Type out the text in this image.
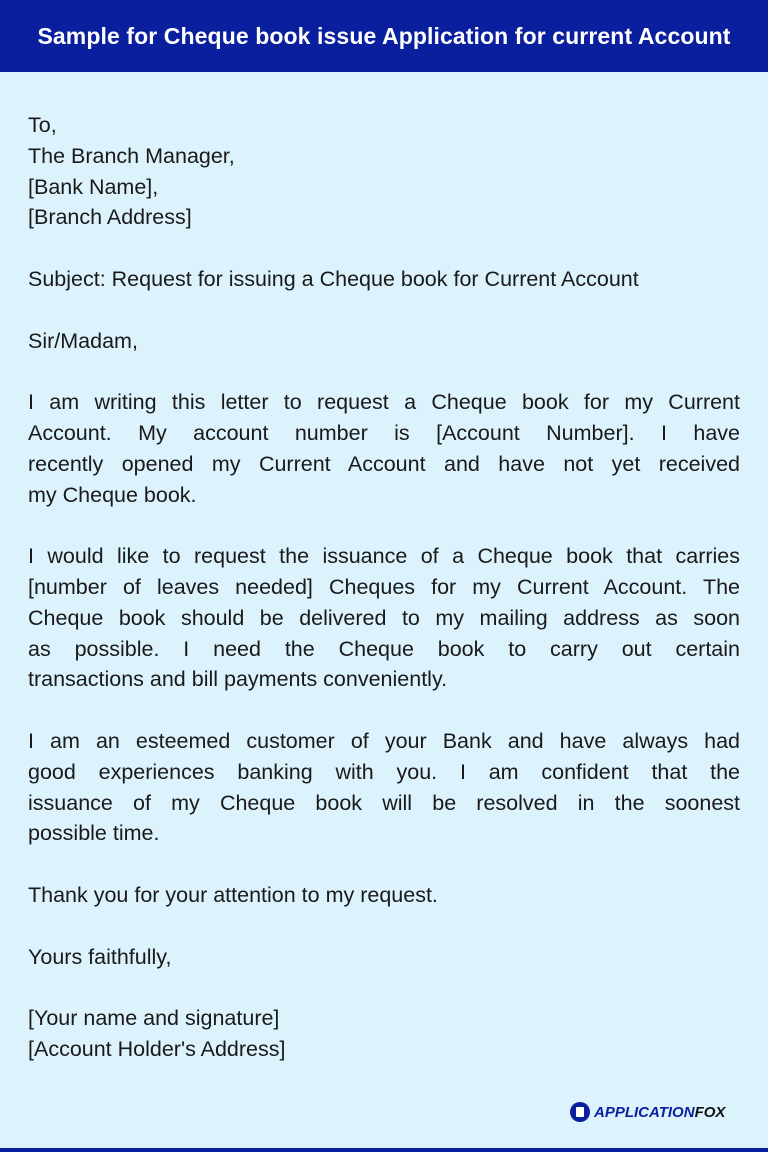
Sample for Cheque book issue Application for current Account
To,
The Branch Manager,
[Bank Name],
[Branch Address]
Subject: Request for issuing a Cheque book for Current Account
Sir/Madam,
I am writing this letter to request a Cheque book for my Current
Account. My account number is [Account Number]. I have
recently opened my Current Account and have not yet received
my Cheque book.
I would like to request the issuance of a Cheque book that carries
[number of leaves needed] Cheques for my Current Account. The
Cheque book should be delivered to my mailing address as soon
as possible. I need the Cheque book to carry out certain
transactions and bill payments conveniently.
I am an esteemed customer of your Bank and have always had
good experiences banking with you. I am confident that the
issuance of my Cheque book will be resolved in the soonest
possible time.
Thank you for your attention to my request.
Yours faithfully,
[Your name and signature]
[Account Holder's Address]
APPLICATIONFOX
